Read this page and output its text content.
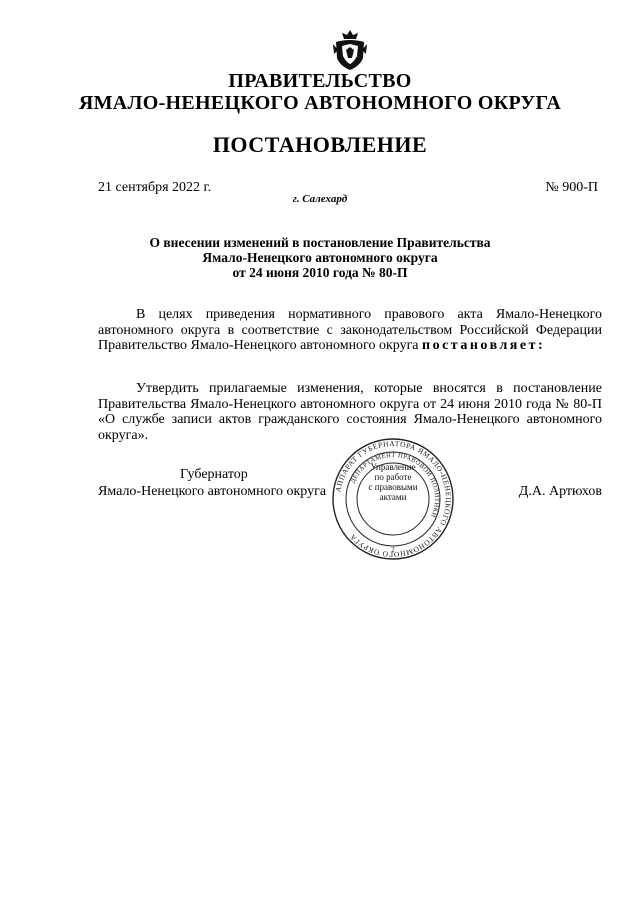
ПРАВИТЕЛЬСТВО
ЯМАЛО-НЕНЕЦКОГО АВТОНОМНОГО ОКРУГА
ПОСТАНОВЛЕНИЕ
21 сентября 2022 г.	№ 900-П
г. Салехард
О внесении изменений в постановление Правительства
Ямало-Ненецкого автономного округа
от 24 июня 2010 года № 80-П
В целях приведения нормативного правового акта Ямало-Ненецкого автономного округа в соответствие с законодательством Российской Федерации Правительство Ямало-Ненецкого автономного округа постановляет:
Утвердить прилагаемые изменения, которые вносятся в постановление Правительства Ямало-Ненецкого автономного округа от 24 июня 2010 года № 80-П «О службе записи актов гражданского состояния Ямало-Ненецкого автономного округа».
Губернатор
Ямало-Ненецкого автономного округа	Д.А. Артюхов
АППАРАТ ГУБЕРНАТОРА ЯМАЛО-НЕНЕЦКОГО АВТОНОМНОГО ОКРУГА
ДЕПАРТАМЕНТ ПРАВОВОЙ ПОЛИТИКИ
2
Управление
по работе
с правовыми
актами
